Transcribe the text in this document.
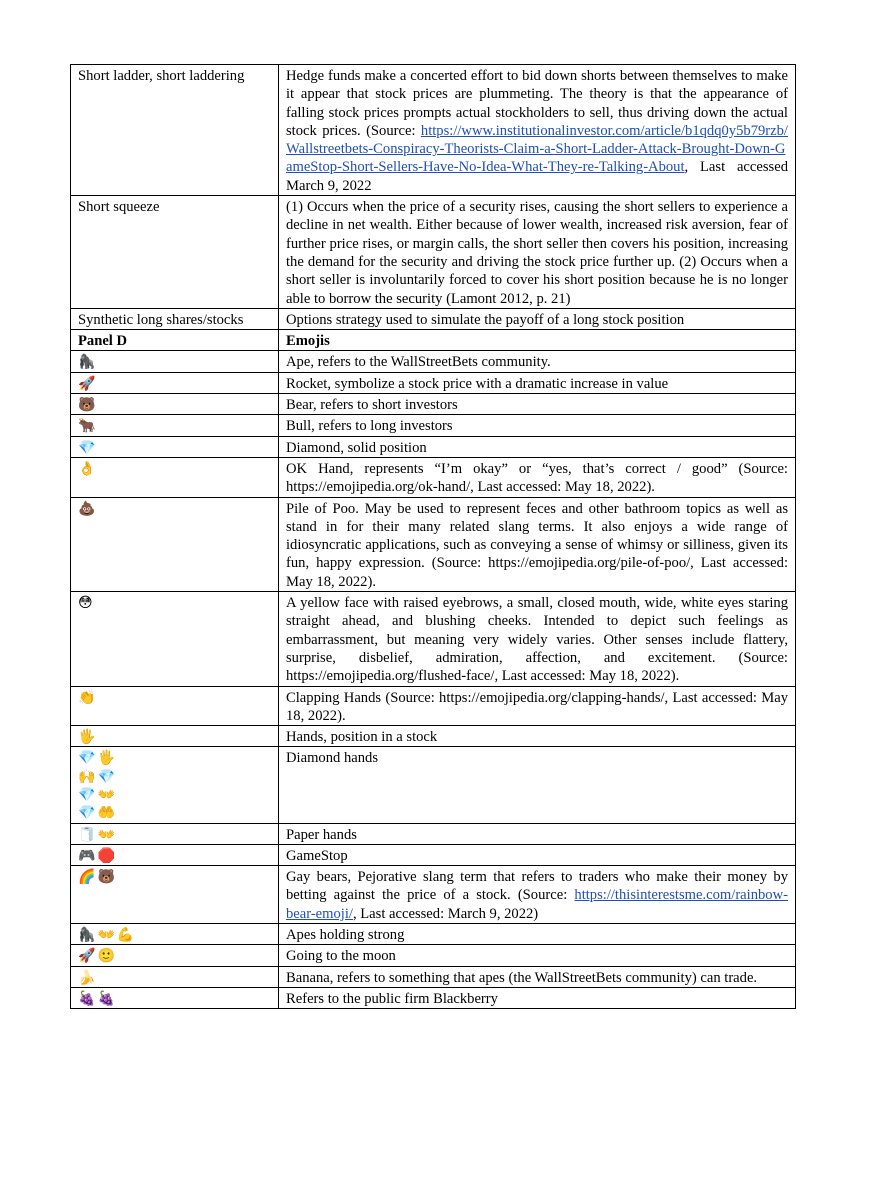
Short ladder, short laddering	Hedge funds make a concerted effort to bid down shorts between themselves to make it appear that stock prices are plummeting. The theory is that the appearance of falling stock prices prompts actual stockholders to sell, thus driving down the actual stock prices. (Source: https://www.institutionalinvestor.com/article/b1qdq0y5b79rzb/Wallstreetbets-Conspiracy-Theorists-Claim-a-Short-Ladder-Attack-Brought-Down-GameStop-Short-Sellers-Have-No-Idea-What-They-re-Talking-About, Last accessed March 9, 2022
Short squeeze	(1) Occurs when the price of a security rises, causing the short sellers to experience a decline in net wealth. Either because of lower wealth, increased risk aversion, fear of further price rises, or margin calls, the short seller then covers his position, increasing the demand for the security and driving the stock price further up. (2) Occurs when a short seller is involuntarily forced to cover his short position because he is no longer able to borrow the security (Lamont 2012, p. 21)
Synthetic long shares/stocks	Options strategy used to simulate the payoff of a long stock position
Panel D	Emojis

🦍	Ape, refers to the WallStreetBets community.

🚀	Rocket, symbolize a stock price with a dramatic increase in value

🐻	Bear, refers to short investors

🐂	Bull, refers to long investors

💎	Diamond, solid position

👌	OK Hand, represents “I’m okay” or “yes, that’s correct / good” (Source: https://emojipedia.org/ok-hand/, Last accessed: May 18, 2022).

💩	Pile of Poo. May be used to represent feces and other bathroom topics as well as stand in for their many related slang terms. It also enjoys a wide range of idiosyncratic applications, such as conveying a sense of whimsy or silliness, given its fun, happy expression. (Source: https://emojipedia.org/pile-of-poo/, Last accessed: May 18, 2022).

😳	A yellow face with raised eyebrows, a small, closed mouth, wide, white eyes staring straight ahead, and blushing cheeks. Intended to depict such feelings as embarrassment, but meaning very widely varies. Other senses include flattery, surprise, disbelief, admiration, affection, and excitement. (Source: https://emojipedia.org/flushed-face/, Last accessed: May 18, 2022).

👏	Clapping Hands (Source: https://emojipedia.org/clapping-hands/, Last accessed: May 18, 2022).

🖐	Hands, position in a stock

💎 🖐
🙌 💎
💎 👐
💎 🤲	Diamond hands

🧻 👐	Paper hands

🎮 🛑	GameStop

🌈 🐻	Gay bears, Pejorative slang term that refers to traders who make their money by betting against the price of a stock. (Source: https://thisinterestsme.com/rainbow-bear-emoji/, Last accessed: March 9, 2022)

🦍 👐 💪	Apes holding strong

🚀 🙂	Going to the moon

🍌	Banana, refers to something that apes (the WallStreetBets community) can trade.

🍇 🍇	Refers to the public firm Blackberry
